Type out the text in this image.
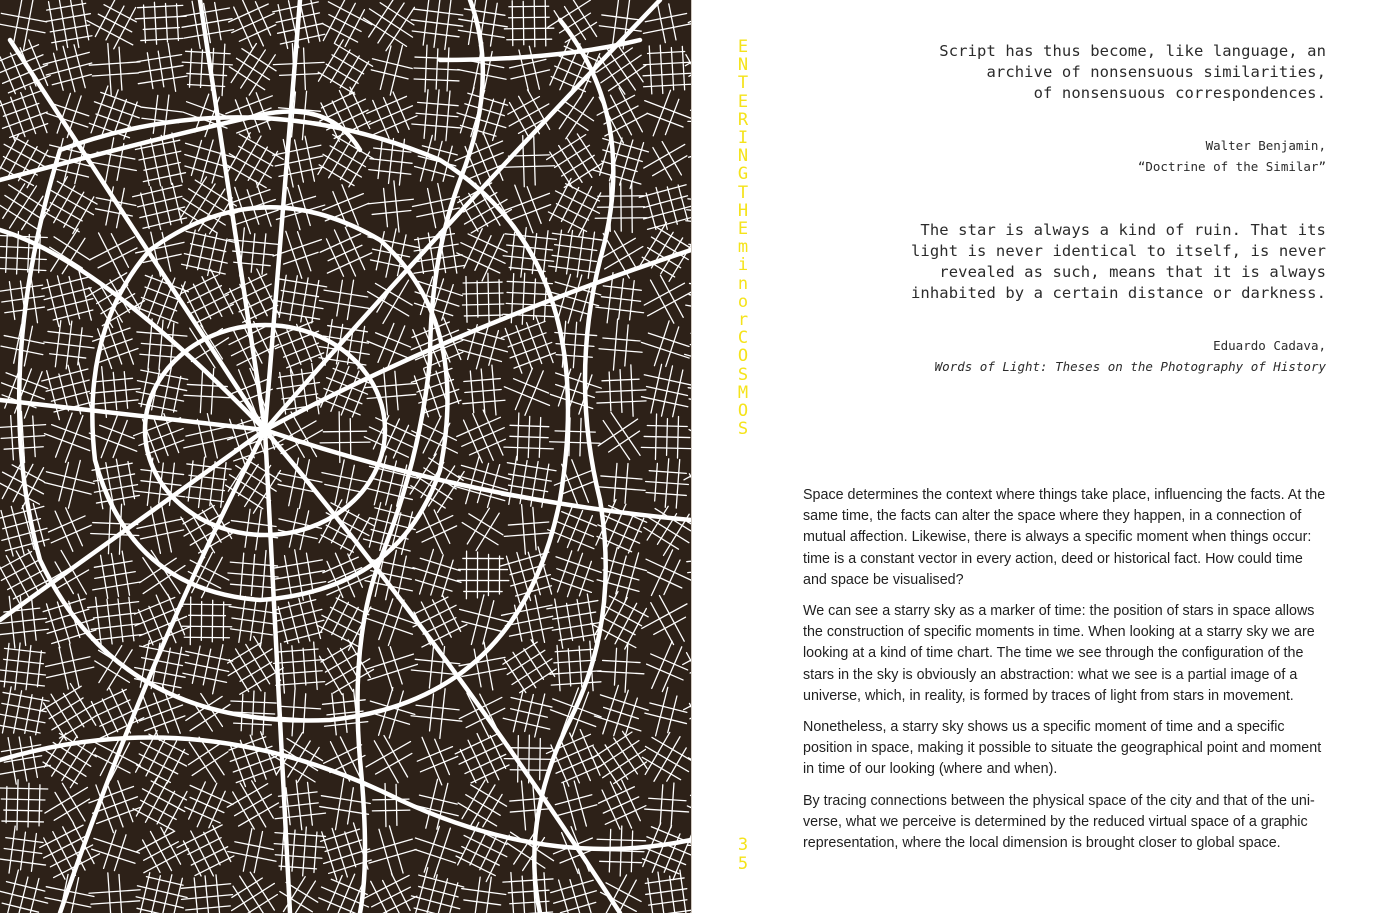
ENTERING THE minor COSMOS
35
Script has thus become, like language, an
archive of nonsensuous similarities,
of nonsensuous correspondences.
Walter Benjamin,
“Doctrine of the Similar”
The star is always a kind of ruin. That its
light is never identical to itself, is never
revealed as such, means that it is always
inhabited by a certain distance or darkness.
Eduardo Cadava,
Words of Light: Theses on the Photography of History

Space determines the context where things take place, influencing the facts. At the same time, the facts can alter the space where they happen, in a connection of mutual affection. Likewise, there is always a specific moment when things occur: time is a constant vector in every action, deed or historical fact. How could time and space be visualised?

We can see a starry sky as a marker of time: the position of stars in space allows the construction of specific moments in time. When looking at a starry sky we are looking at a kind of time chart. The time we see through the configuration of the stars in the sky is obviously an abstraction: what we see is a partial image of a universe, which, in reality, is formed by traces of light from stars in movement.

Nonetheless, a starry sky shows us a specific moment of time and a specific position in space, making it possible to situate the geographical point and moment in time of our looking (where and when).

By tracing connections between the physical space of the city and that of the uni-verse, what we perceive is determined by the reduced virtual space of a graphic representation, where the local dimension is brought closer to global space.
